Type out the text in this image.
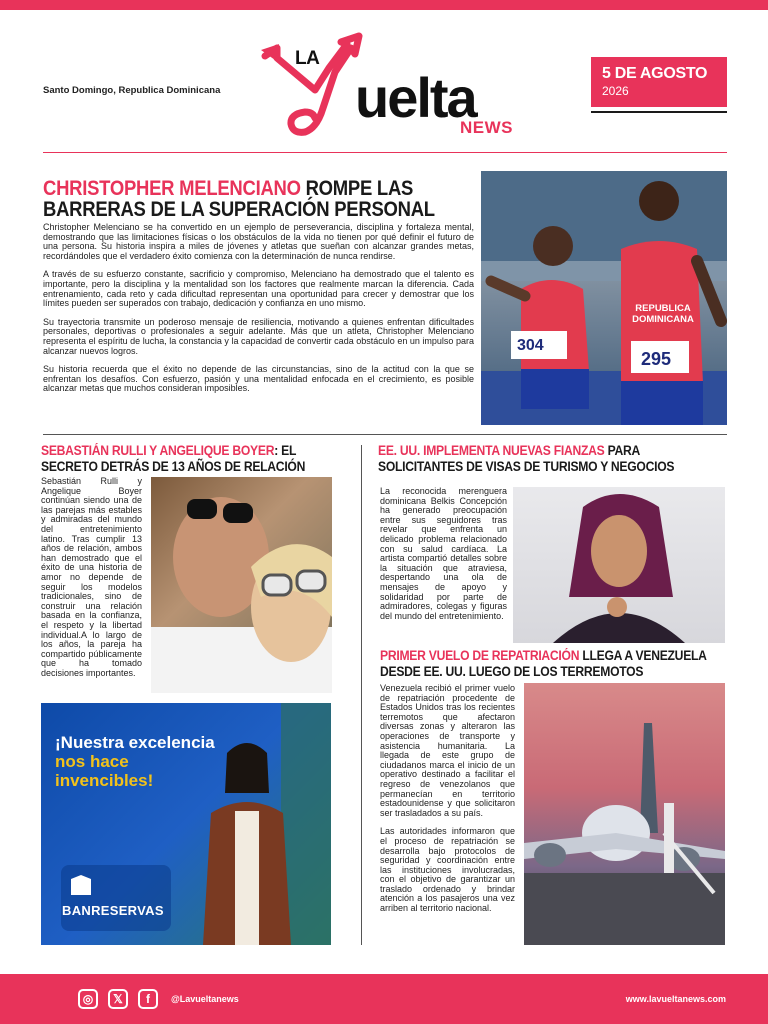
Santo Domingo, Republica Dominicana
LA
uelta
NEWS
5 DE AGOSTO
2026
CHRISTOPHER MELENCIANO ROMPE LAS BARRERAS DE LA SUPERACIÓN PERSONAL

Christopher Melenciano se ha convertido en un ejemplo de perseverancia, disciplina y fortaleza mental, demostrando que las limitaciones físicas o los obstáculos de la vida no tienen por qué definir el futuro de una persona. Su historia inspira a miles de jóvenes y atletas que sueñan con alcanzar grandes metas, recordándoles que el verdadero éxito comienza con la determinación de nunca rendirse.

A través de su esfuerzo constante, sacrificio y compromiso, Melenciano ha demostrado que el talento es importante, pero la disciplina y la mentalidad son los factores que realmente marcan la diferencia. Cada entrenamiento, cada reto y cada dificultad representan una oportunidad para crecer y demostrar que los límites pueden ser superados con trabajo, dedicación y confianza en uno mismo.

Su trayectoria transmite un poderoso mensaje de resiliencia, motivando a quienes enfrentan dificultades personales, deportivas o profesionales a seguir adelante. Más que un atleta, Christopher Melenciano representa el espíritu de lucha, la constancia y la capacidad de convertir cada obstáculo en un impulso para alcanzar nuevos logros.

Su historia recuerda que el éxito no depende de las circunstancias, sino de la actitud con la que se enfrentan los desafíos. Con esfuerzo, pasión y una mentalidad enfocada en el crecimiento, es posible alcanzar metas que muchos consideran imposibles.

REPUBLICA DOMINICANA
304
295
SEBASTIÁN RULLI Y ANGELIQUE BOYER: EL SECRETO DETRÁS DE 13 AÑOS DE RELACIÓN
Sebastián Rulli y Angelique Boyer continúan siendo una de las parejas más estables y admiradas del mundo del entretenimiento latino. Tras cumplir 13 años de relación, ambos han demostrado que el éxito de una historia de amor no depende de seguir los modelos tradicionales, sino de construir una relación basada en la confianza, el respeto y la libertad individual.A lo largo de los años, la pareja ha compartido públicamente que ha tomado decisiones importantes.
¡Nuestra excelencia
nos hace invencibles!
BANRESERVAS
EE. UU. IMPLEMENTA NUEVAS FIANZAS PARA SOLICITANTES DE VISAS DE TURISMO Y NEGOCIOS
La reconocida merenguera dominicana Belkis Concepción ha generado preocupación entre sus seguidores tras revelar que enfrenta un delicado problema relacionado con su salud cardíaca. La artista compartió detalles sobre la situación que atraviesa, despertando una ola de mensajes de apoyo y solidaridad por parte de admiradores, colegas y figuras del mundo del entretenimiento.
PRIMER VUELO DE REPATRIACIÓN LLEGA A VENEZUELA DESDE EE. UU. LUEGO DE LOS TERREMOTOS

Venezuela recibió el primer vuelo de repatriación procedente de Estados Unidos tras los recientes terremotos que afectaron diversas zonas y alteraron las operaciones de transporte y asistencia humanitaria. La llegada de este grupo de ciudadanos marca el inicio de un operativo destinado a facilitar el regreso de venezolanos que permanecían en territorio estadounidense y que solicitaron ser trasladados a su país.

Las autoridades informaron que el proceso de repatriación se desarrolla bajo protocolos de seguridad y coordinación entre las instituciones involucradas, con el objetivo de garantizar un traslado ordenado y brindar atención a los pasajeros una vez arriben al territorio nacional.

◎	𝕏	f	@Lavueltanews	www.lavueltanews.com
